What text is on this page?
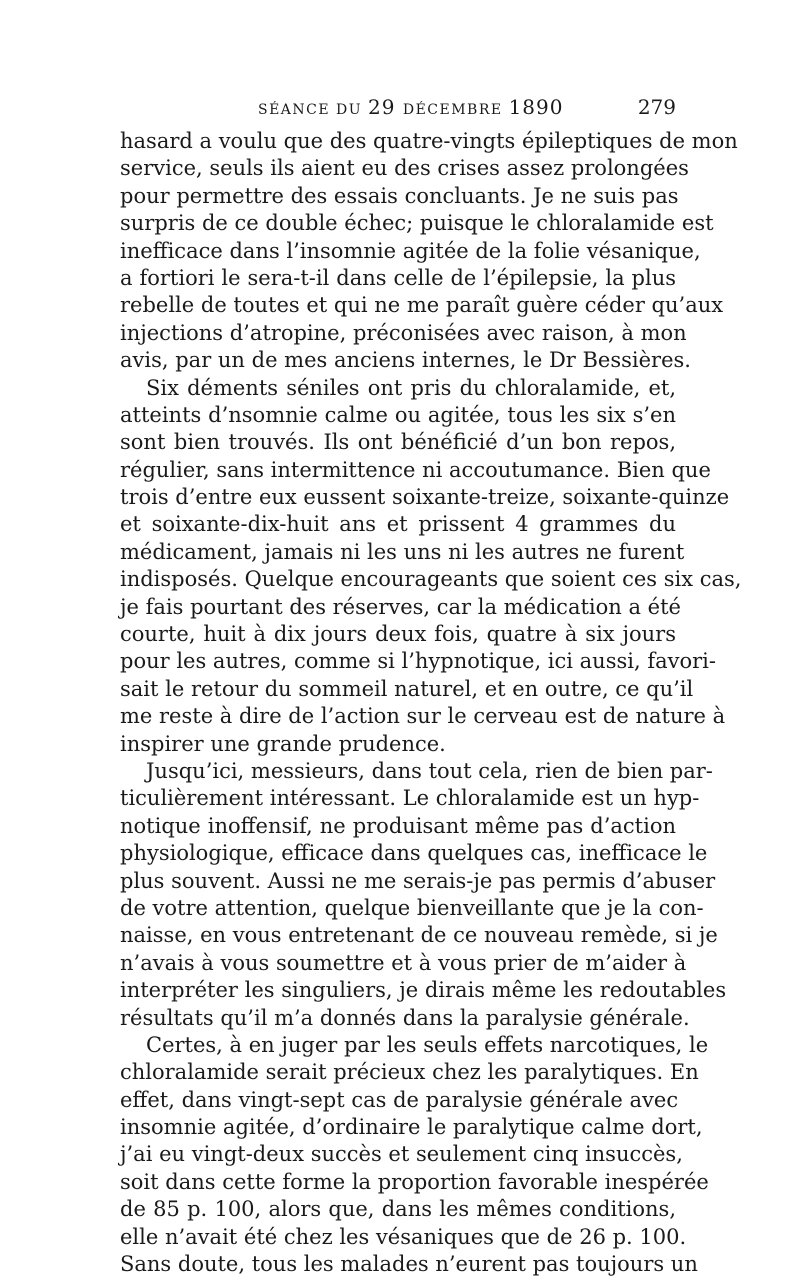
SÉANCE DU 29 DÉCEMBRE 1890	279
hasard a voulu que des quatre-vingts épileptiques de mon
service, seuls ils aient eu des crises assez prolongées
pour permettre des essais concluants. Je ne suis pas
surpris de ce double échec; puisque le chloralamide est
inefficace dans l’insomnie agitée de la folie vésanique,
a fortiori le sera-t-il dans celle de l’épilepsie, la plus
rebelle de toutes et qui ne me paraît guère céder qu’aux
injections d’atropine, préconisées avec raison, à mon
avis, par un de mes anciens internes, le Dr Bessières.
Six déments séniles ont pris du chloralamide, et,
atteints d’nsomnie calme ou agitée, tous les six s’en
sont bien trouvés. Ils ont bénéficié d’un bon repos,
régulier, sans intermittence ni accoutumance. Bien que
trois d’entre eux eussent soixante-treize, soixante-quinze
et soixante-dix-huit ans et prissent 4 grammes du
médicament, jamais ni les uns ni les autres ne furent
indisposés. Quelque encourageants que soient ces six cas,
je fais pourtant des réserves, car la médication a été
courte, huit à dix jours deux fois, quatre à six jours
pour les autres, comme si l’hypnotique, ici aussi, favori-
sait le retour du sommeil naturel, et en outre, ce qu’il
me reste à dire de l’action sur le cerveau est de nature à
inspirer une grande prudence.
Jusqu’ici, messieurs, dans tout cela, rien de bien par-
ticulièrement intéressant. Le chloralamide est un hyp-
notique inoffensif, ne produisant même pas d’action
physiologique, efficace dans quelques cas, inefficace le
plus souvent. Aussi ne me serais-je pas permis d’abuser
de votre attention, quelque bienveillante que je la con-
naisse, en vous entretenant de ce nouveau remède, si je
n’avais à vous soumettre et à vous prier de m’aider à
interpréter les singuliers, je dirais même les redoutables
résultats qu’il m’a donnés dans la paralysie générale.
Certes, à en juger par les seuls effets narcotiques, le
chloralamide serait précieux chez les paralytiques. En
effet, dans vingt-sept cas de paralysie générale avec
insomnie agitée, d’ordinaire le paralytique calme dort,
j’ai eu vingt-deux succès et seulement cinq insuccès,
soit dans cette forme la proportion favorable inespérée
de 85 p. 100, alors que, dans les mêmes conditions,
elle n’avait été chez les vésaniques que de 26 p. 100.
Sans doute, tous les malades n’eurent pas toujours un
